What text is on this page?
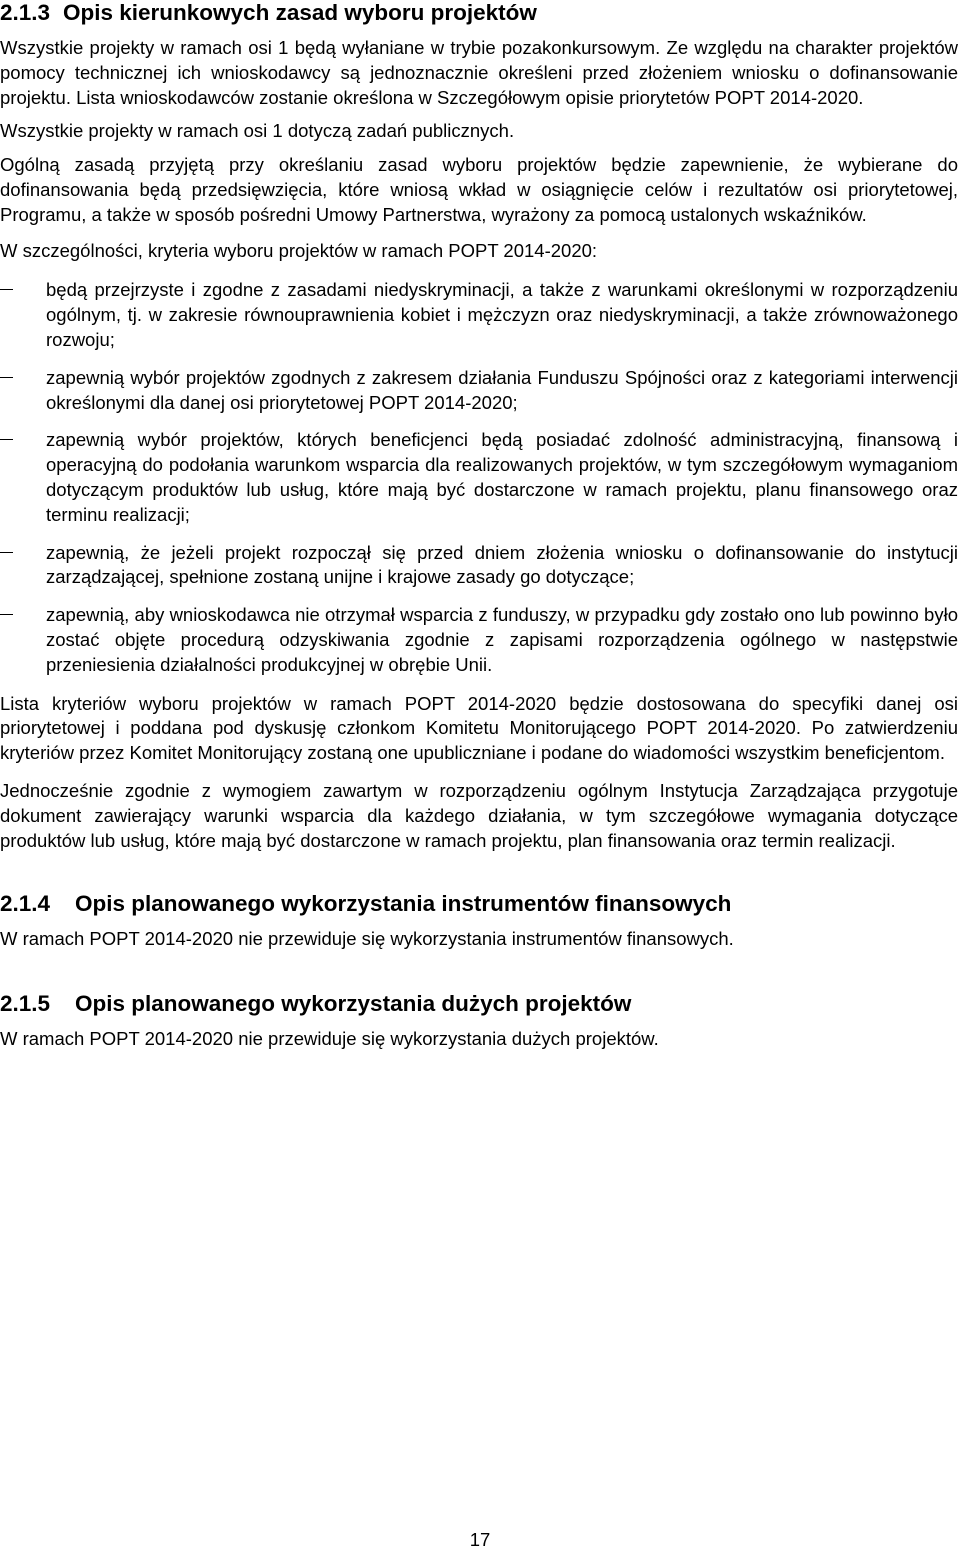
2.1.3 Opis kierunkowych zasad wyboru projektów

Wszystkie projekty w ramach osi 1 będą wyłaniane w trybie pozakonkursowym. Ze względu na charakter projektów pomocy technicznej ich wnioskodawcy są jednoznacznie określeni przed złożeniem wniosku o dofinansowanie projektu. Lista wnioskodawców zostanie określona w Szczegółowym opisie priorytetów POPT 2014-2020.

Wszystkie projekty w ramach osi 1 dotyczą zadań publicznych.

Ogólną zasadą przyjętą przy określaniu zasad wyboru projektów będzie zapewnienie, że wybierane do dofinansowania będą przedsięwzięcia, które wniosą wkład w osiągnięcie celów i rezultatów osi priorytetowej, Programu, a także w sposób pośredni Umowy Partnerstwa, wyrażony za pomocą ustalonych wskaźników.

W szczególności, kryteria wyboru projektów w ramach POPT 2014-2020:

będą przejrzyste i zgodne z zasadami niedyskryminacji, a także z warunkami określonymi w rozporządzeniu ogólnym, tj. w zakresie równouprawnienia kobiet i mężczyzn oraz niedyskryminacji, a także zrównoważonego rozwoju;
zapewnią wybór projektów zgodnych z zakresem działania Funduszu Spójności oraz z kategoriami interwencji określonymi dla danej osi priorytetowej POPT 2014-2020;
zapewnią wybór projektów, których beneficjenci będą posiadać zdolność administracyjną, finansową i operacyjną do podołania warunkom wsparcia dla realizowanych projektów, w tym szczegółowym wymaganiom dotyczącym produktów lub usług, które mają być dostarczone w ramach projektu, planu finansowego oraz terminu realizacji;
zapewnią, że jeżeli projekt rozpoczął się przed dniem złożenia wniosku o dofinansowanie do instytucji zarządzającej, spełnione zostaną unijne i krajowe zasady go dotyczące;
zapewnią, aby wnioskodawca nie otrzymał wsparcia z funduszy, w przypadku gdy zostało ono lub powinno było zostać objęte procedurą odzyskiwania zgodnie z zapisami rozporządzenia ogólnego w następstwie przeniesienia działalności produkcyjnej w obrębie Unii.

Lista kryteriów wyboru projektów w ramach POPT 2014-2020 będzie dostosowana do specyfiki danej osi priorytetowej i poddana pod dyskusję członkom Komitetu Monitorującego POPT 2014-2020. Po zatwierdzeniu kryteriów przez Komitet Monitorujący zostaną one upubliczniane i podane do wiadomości wszystkim beneficjentom.

Jednocześnie zgodnie z wymogiem zawartym w rozporządzeniu ogólnym Instytucja Zarządzająca przygotuje dokument zawierający warunki wsparcia dla każdego działania, w tym szczegółowe wymagania dotyczące produktów lub usług, które mają być dostarczone w ramach projektu, plan finansowania oraz termin realizacji.

2.1.4	Opis planowanego wykorzystania instrumentów finansowych

W ramach POPT 2014-2020 nie przewiduje się wykorzystania instrumentów finansowych.

2.1.5	Opis planowanego wykorzystania dużych projektów

W ramach POPT 2014-2020 nie przewiduje się wykorzystania dużych projektów.

17
